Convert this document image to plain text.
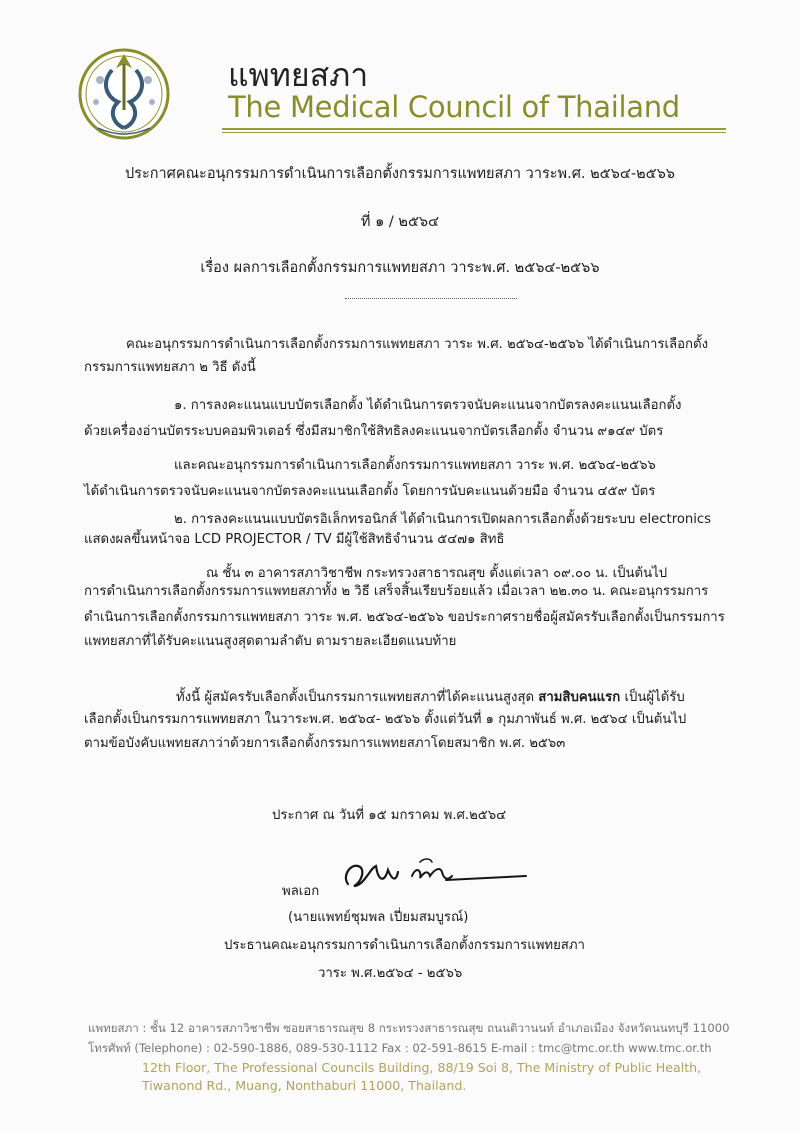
แพทยสภา
The Medical Council of Thailand
ประกาศคณะอนุกรรมการดำเนินการเลือกตั้งกรรมการแพทยสภา วาระพ.ศ. ๒๕๖๔-๒๕๖๖
ที่ ๑ / ๒๕๖๔
เรื่อง ผลการเลือกตั้งกรรมการแพทยสภา วาระพ.ศ. ๒๕๖๔-๒๕๖๖
คณะอนุกรรมการดำเนินการเลือกตั้งกรรมการแพทยสภา วาระ พ.ศ. ๒๕๖๔-๒๕๖๖ ได้ดำเนินการเลือกตั้ง
กรรมการแพทยสภา ๒ วิธี ดังนี้
๑. การลงคะแนนแบบบัตรเลือกตั้ง ได้ดำเนินการตรวจนับคะแนนจากบัตรลงคะแนนเลือกตั้ง
ด้วยเครื่องอ่านบัตรระบบคอมพิวเตอร์ ซึ่งมีสมาชิกใช้สิทธิลงคะแนนจากบัตรเลือกตั้ง จำนวน ๙๑๔๙ บัตร
และคณะอนุกรรมการดำเนินการเลือกตั้งกรรมการแพทยสภา วาระ พ.ศ. ๒๕๖๔-๒๕๖๖
ได้ดำเนินการตรวจนับคะแนนจากบัตรลงคะแนนเลือกตั้ง โดยการนับคะแนนด้วยมือ จำนวน ๔๕๙ บัตร
๒. การลงคะแนนแบบบัตรอิเล็กทรอนิกส์ ได้ดำเนินการเปิดผลการเลือกตั้งด้วยระบบ electronics
แสดงผลขึ้นหน้าจอ LCD PROJECTOR / TV มีผู้ใช้สิทธิจำนวน ๕๔๗๑ สิทธิ
ณ ชั้น ๓ อาคารสภาวิชาชีพ กระทรวงสาธารณสุข ตั้งแต่เวลา ๐๙.๐๐ น. เป็นต้นไป
การดำเนินการเลือกตั้งกรรมการแพทยสภาทั้ง ๒ วิธี เสร็จสิ้นเรียบร้อยแล้ว เมื่อเวลา ๒๒.๓๐ น. คณะอนุกรรมการ
ดำเนินการเลือกตั้งกรรมการแพทยสภา วาระ พ.ศ. ๒๕๖๔-๒๕๖๖ ขอประกาศรายชื่อผู้สมัครรับเลือกตั้งเป็นกรรมการ
แพทยสภาที่ได้รับคะแนนสูงสุดตามลำดับ ตามรายละเอียดแนบท้าย
ทั้งนี้ ผู้สมัครรับเลือกตั้งเป็นกรรมการแพทยสภาที่ได้คะแนนสูงสุด สามสิบคนแรก เป็นผู้ได้รับ
เลือกตั้งเป็นกรรมการแพทยสภา ในวาระพ.ศ. ๒๕๖๔- ๒๕๖๖ ตั้งแต่วันที่ ๑ กุมภาพันธ์ พ.ศ. ๒๕๖๔ เป็นต้นไป
ตามข้อบังคับแพทยสภาว่าด้วยการเลือกตั้งกรรมการแพทยสภาโดยสมาชิก พ.ศ. ๒๕๖๓
ประกาศ ณ วันที่ ๑๕ มกราคม พ.ศ.๒๕๖๔
พลเอก
(นายแพทย์ชุมพล เปี่ยมสมบูรณ์)
ประธานคณะอนุกรรมการดำเนินการเลือกตั้งกรรมการแพทยสภา
วาระ พ.ศ.๒๕๖๔ - ๒๕๖๖
แพทยสภา : ชั้น 12 อาคารสภาวิชาชีพ ซอยสาธารณสุข 8 กระทรวงสาธารณสุข ถนนติวานนท์ อำเภอเมือง จังหวัดนนทบุรี 11000
โทรศัพท์ (Telephone) : 02-590-1886, 089-530-1112 Fax : 02-591-8615 E-mail : tmc@tmc.or.th www.tmc.or.th
12th Floor, The Professional Councils Building, 88/19 Soi 8, The Ministry of Public Health,
Tiwanond Rd., Muang, Nonthaburi 11000, Thailand.
